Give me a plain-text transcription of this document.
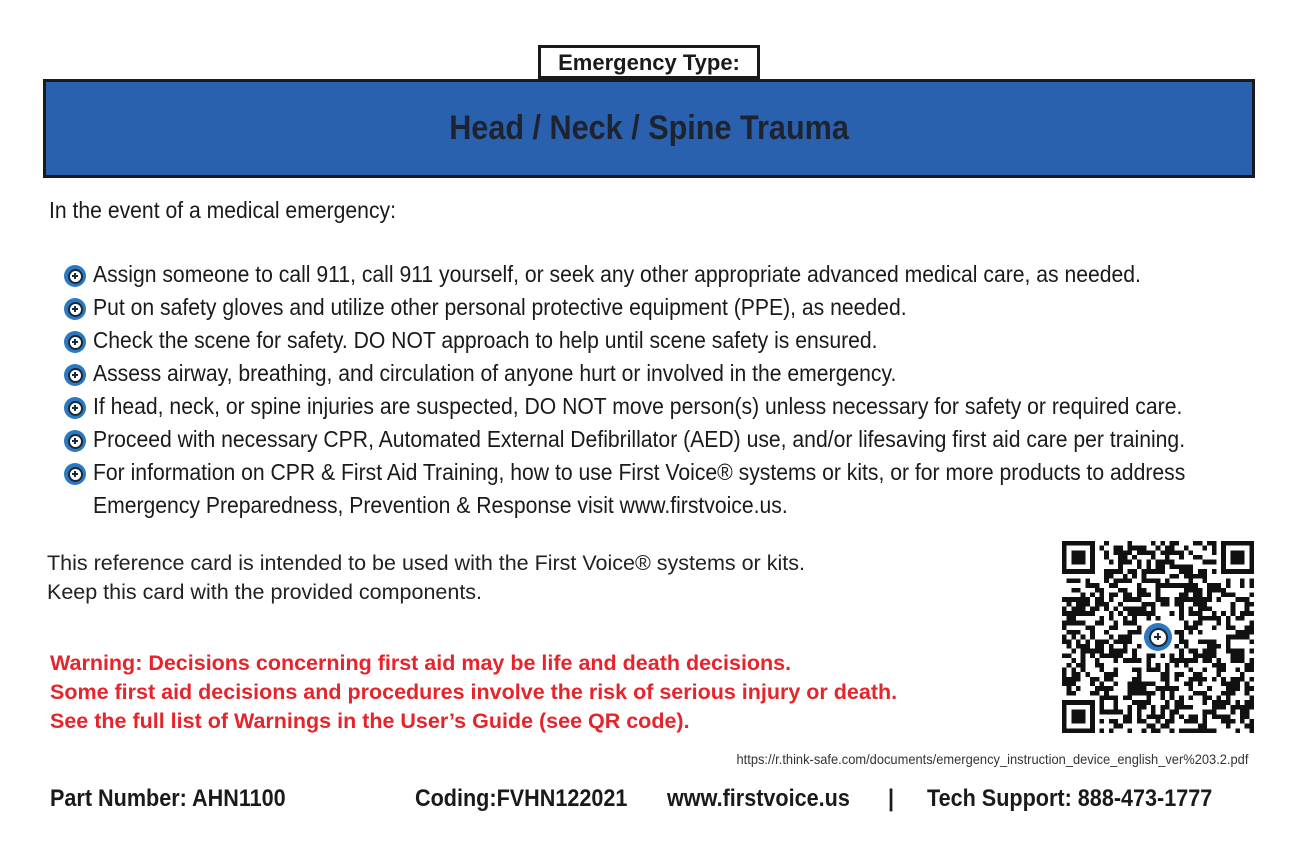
Emergency Type:
Head / Neck / Spine Trauma
In the event of a medical emergency:
Assign someone to call 911, call 911 yourself, or seek any other appropriate advanced medical care, as needed.
Put on safety gloves and utilize other personal protective equipment (PPE), as needed.
Check the scene for safety. DO NOT approach to help until scene safety is ensured.
Assess airway, breathing, and circulation of anyone hurt or involved in the emergency.
If head, neck, or spine injuries are suspected, DO NOT move person(s) unless necessary for safety or required care.
Proceed with necessary CPR, Automated External Defibrillator (AED) use, and/or lifesaving first aid care per training.
For information on CPR & First Aid Training, how to use First Voice® systems or kits, or for more products to address
Emergency Preparedness, Prevention & Response visit www.firstvoice.us.
This reference card is intended to be used with the First Voice® systems or kits.
Keep this card with the provided components.
Warning: Decisions concerning first aid may be life and death decisions.
Some first aid decisions and procedures involve the risk of serious injury or death.
See the full list of Warnings in the User’s Guide (see QR code).
https://r.think-safe.com/documents/emergency_instruction_device_english_ver%203.2.pdf
Part Number: AHN1100	Coding:FVHN122021 www.firstvoice.us | Tech Support: 888-473-1777
